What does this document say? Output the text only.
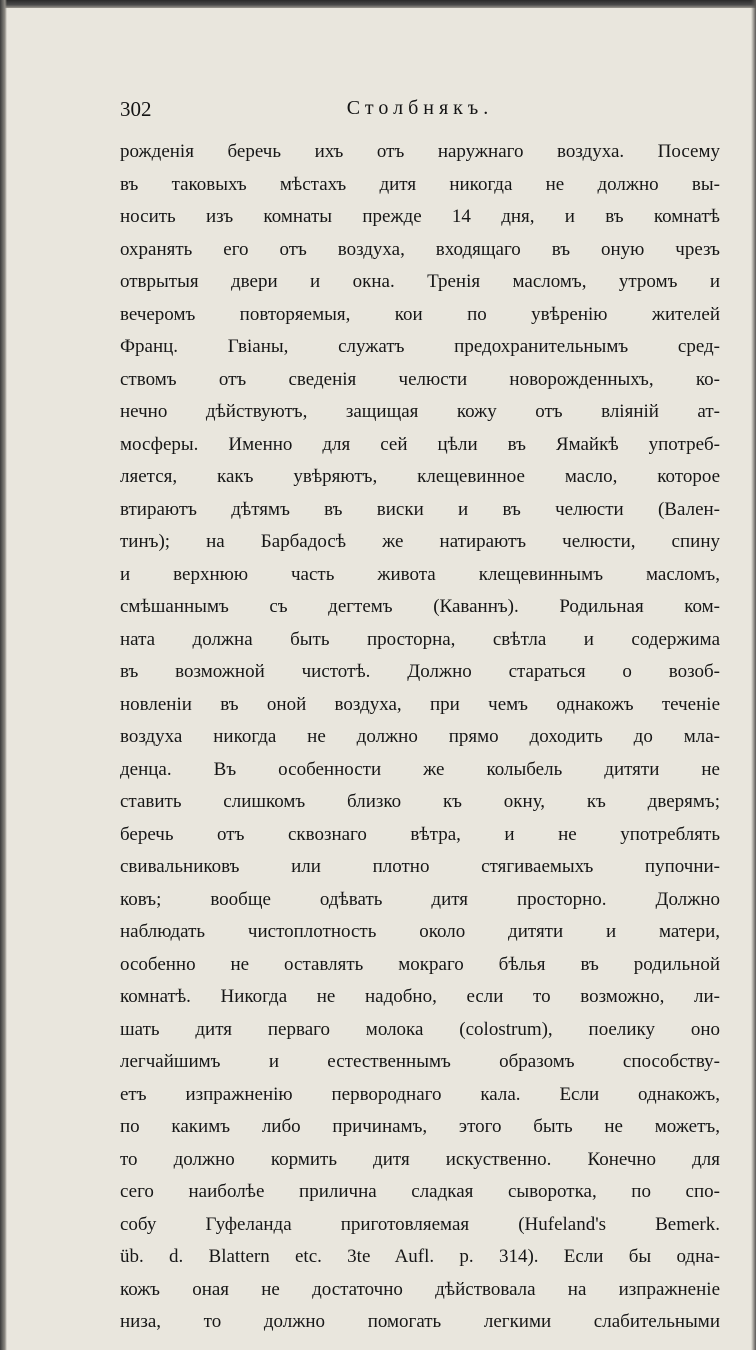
302	Столбнякъ.
рожденія беречь ихъ отъ наружнаго воздуха. Посему
въ таковыхъ мѣстахъ дитя никогда не должно вы-
носить изъ комнаты прежде 14 дня, и въ комнатѣ
охранять его отъ воздуха, входящаго въ оную чрезъ
отврытыя двери и окна. Тренія масломъ, утромъ и
вечеромъ повторяемыя, кои по увѣренію жителей
Франц. Гвіаны, служатъ предохранительнымъ сред-
ствомъ отъ сведенія челюсти новорожденныхъ, ко-
нечно дѣйствуютъ, защищая кожу отъ вліяній ат-
мосферы. Именно для сей цѣли въ Ямайкѣ употреб-
ляется, какъ увѣряютъ, клещевинное масло, которое
втираютъ дѣтямъ въ виски и въ челюсти (Валeн-
тинъ); на Барбадосѣ же натираютъ челюсти, спину
и верхнюю часть живота клещевиннымъ масломъ,
смѣшаннымъ съ дегтемъ (Каваннъ). Родильная ком-
ната должна быть просторна, свѣтла и содержима
въ возможной чистотѣ. Должно стараться о возоб-
новленіи въ оной воздуха, при чемъ однакожъ теченіе
воздуха никогда не должно прямо доходить до мла-
денца. Въ особенности же колыбель дитяти не
ставить слишкомъ близко къ окну, къ дверямъ;
беречь отъ сквознаго вѣтра, и не употреблять
свивальниковъ или плотно стягиваемыхъ пупочни-
ковъ; вообще одѣвать дитя просторно. Должно
наблюдать чистоплотность около дитяти и матери,
особенно не оставлять мокраго бѣлья въ родильной
комнатѣ. Никогда не надобно, если то возможно, ли-
шать дитя перваго молока (colostrum), поелику оно
легчайшимъ и естественнымъ образомъ способству-
етъ изпражненію первороднаго кала. Если однакожъ,
по какимъ либо причинамъ, этого быть не можетъ,
то должно кормить дитя искуственно. Конечно для
сего наиболѣе прилична сладкая сыворотка, по спо-
собу Гуфеланда приготовляемая (Hufeland's Bemerk.
üb. d. Blattern etc. 3te Aufl. p. 314). Если бы одна-
кожъ оная не достаточно дѣйствовала на изпражненіе
низа, то должно помогать легкими слабительными
